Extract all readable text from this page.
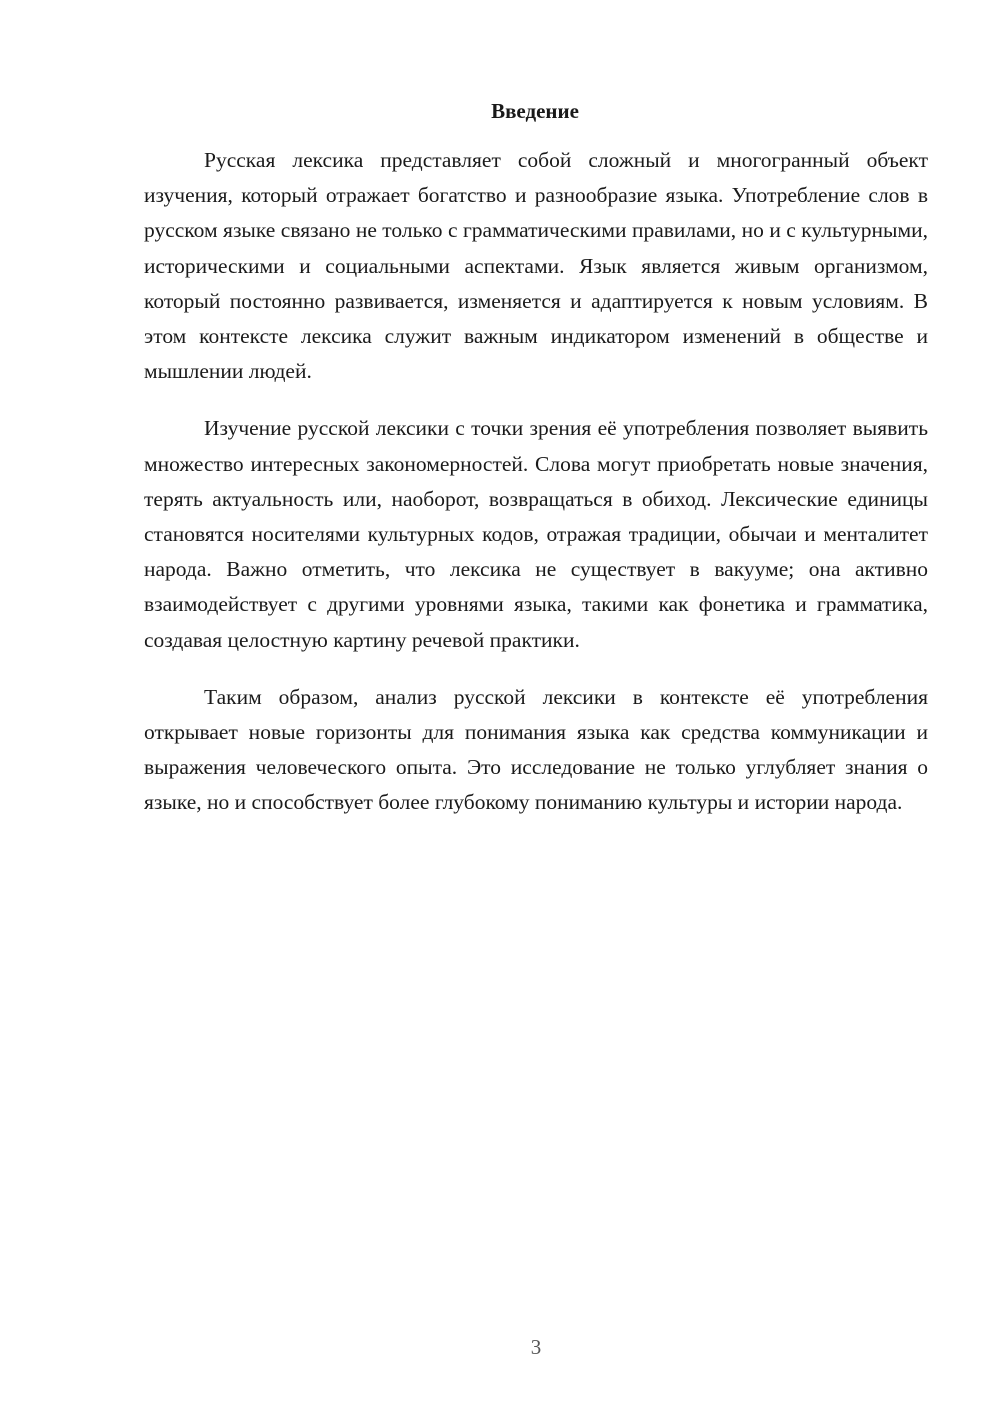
Введение

Русская лексика представляет собой сложный и многогранный объект изучения, который отражает богатство и разнообразие языка. Употребление слов в русском языке связано не только с грамматическими правилами, но и с культурными, историческими и социальными аспектами. Язык является живым организмом, который постоянно развивается, изменяется и адаптируется к новым условиям. В этом контексте лексика служит важным индикатором изменений в обществе и мышлении людей.

Изучение русской лексики с точки зрения её употребления позволяет выявить множество интересных закономерностей. Слова могут приобретать новые значения, терять актуальность или, наоборот, возвращаться в обиход. Лексические единицы становятся носителями культурных кодов, отражая традиции, обычаи и менталитет народа. Важно отметить, что лексика не существует в вакууме; она активно взаимодействует с другими уровнями языка, такими как фонетика и грамматика, создавая целостную картину речевой практики.

Таким образом, анализ русской лексики в контексте её употребления открывает новые горизонты для понимания языка как средства коммуникации и выражения человеческого опыта. Это исследование не только углубляет знания о языке, но и способствует более глубокому пониманию культуры и истории народа.

3
